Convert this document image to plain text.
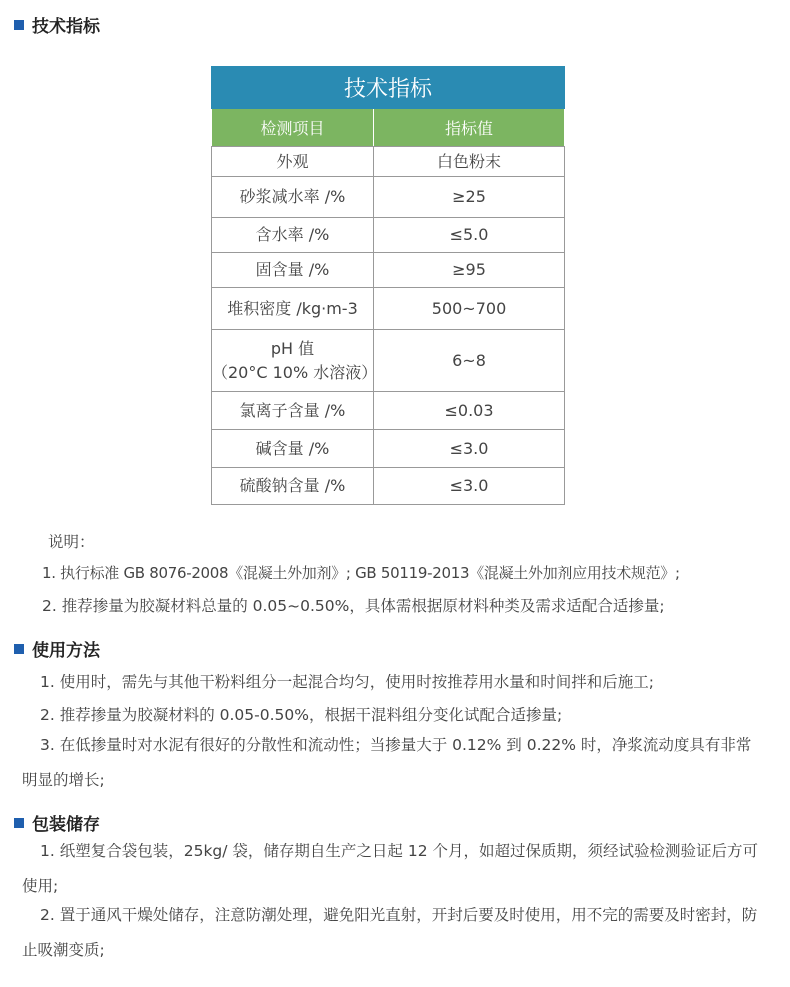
技术指标
技术指标	
检测项目	指标值
外观	白色粉末
砂浆减水率 /%	≥25
含水率 /%	≤5.0
固含量 /%	≥95
堆积密度 /kg·m-3	500~700

pH 值
（20°C 10% 水溶液）	6~8
氯离子含量 /%	≤0.03
碱含量 /%	≤3.0
硫酸钠含量 /%	≤3.0
说明：
1. 执行标准 GB 8076-2008《混凝土外加剂》; GB 50119-2013《混凝土外加剂应用技术规范》;
2. 推荐掺量为胶凝材料总量的 0.05~0.50%，具体需根据原材料种类及需求适配合适掺量;
使用方法
1. 使用时，需先与其他干粉料组分一起混合均匀，使用时按推荐用水量和时间拌和后施工;
2. 推荐掺量为胶凝材料的 0.05-0.50%，根据干混料组分变化试配合适掺量;
3. 在低掺量时对水泥有很好的分散性和流动性；当掺量大于 0.12% 到 0.22% 时，净浆流动度具有非常明显的增长;
包装储存
1. 纸塑复合袋包装，25kg/ 袋，储存期自生产之日起 12 个月，如超过保质期，须经试验检测验证后方可使用;
2. 置于通风干燥处储存，注意防潮处理，避免阳光直射，开封后要及时使用，用不完的需要及时密封，防止吸潮变质;
